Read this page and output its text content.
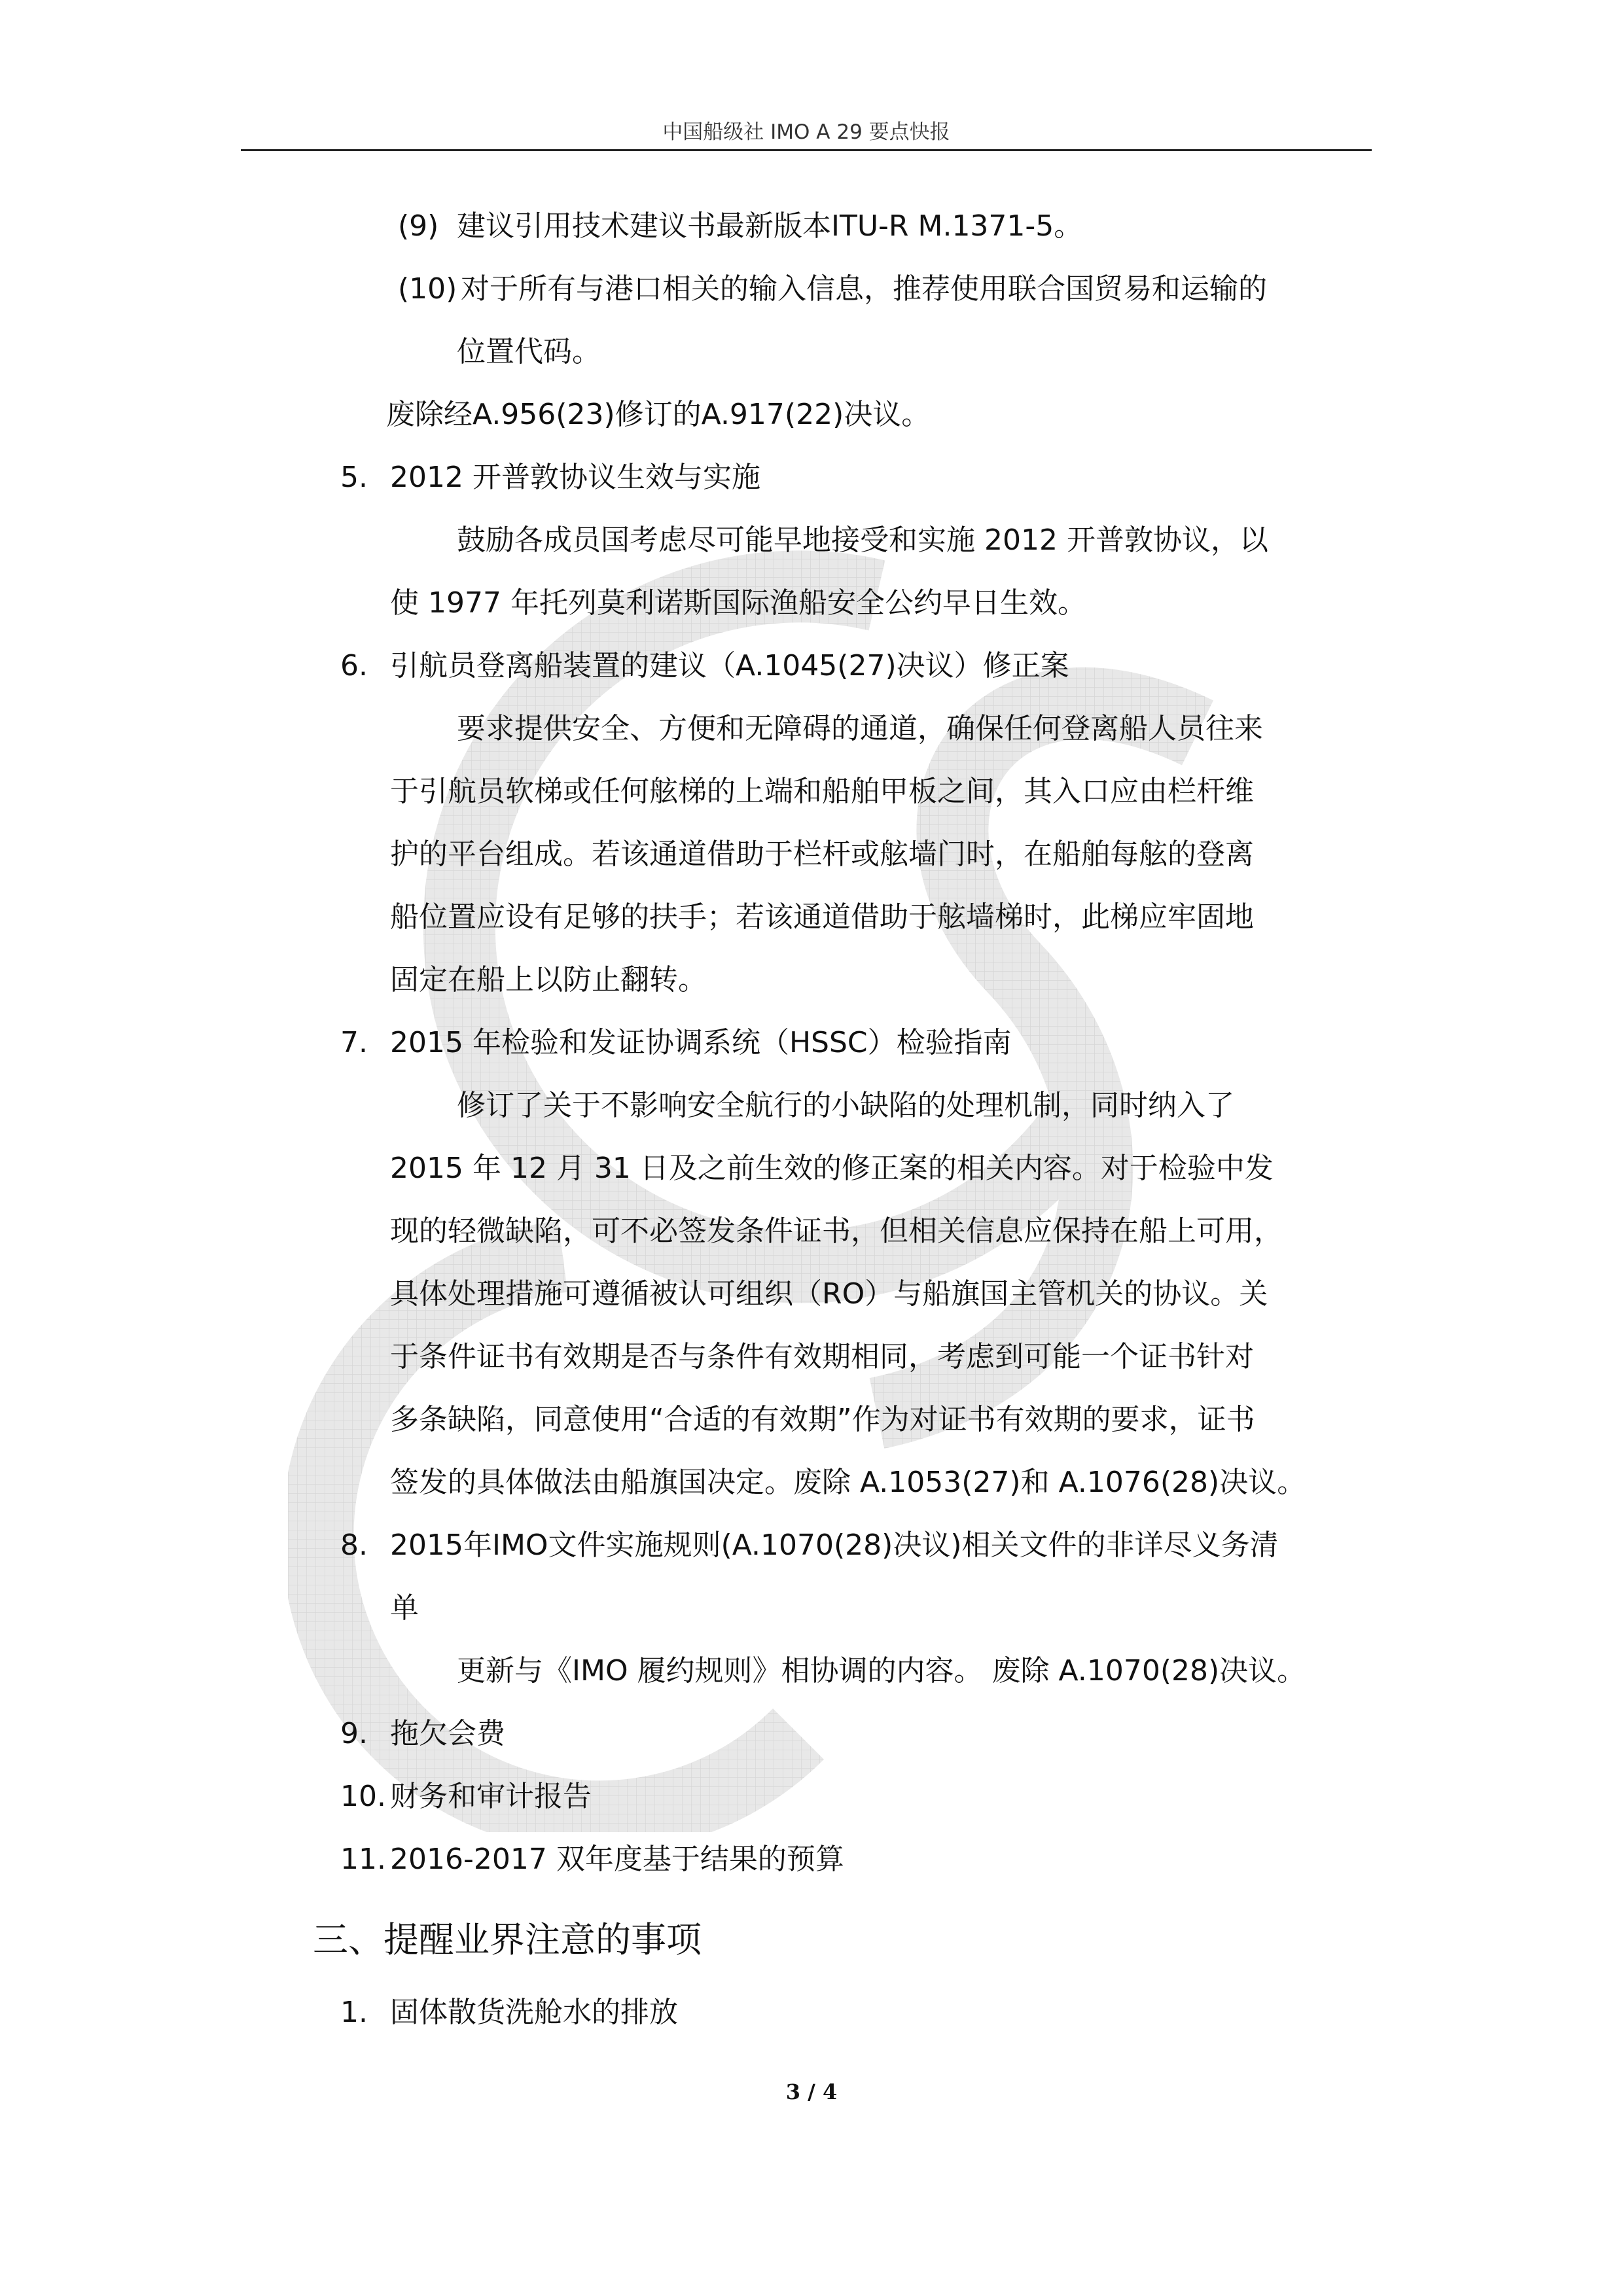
中国船级社 IMO A 29 要点快报
(9) 建议引用技术建议书最新版本ITU-R M.1371-5。
(10) 对于所有与港口相关的输入信息，推荐使用联合国贸易和运输的
位置代码。
废除经A.956(23)修订的A.917(22)决议。
5. 2012 开普敦协议生效与实施
鼓励各成员国考虑尽可能早地接受和实施 2012 开普敦协议，以
使 1977 年托列莫利诺斯国际渔船安全公约早日生效。
6. 引航员登离船装置的建议（A.1045(27)决议）修正案
要求提供安全、方便和无障碍的通道，确保任何登离船人员往来
于引航员软梯或任何舷梯的上端和船舶甲板之间，其入口应由栏杆维
护的平台组成。若该通道借助于栏杆或舷墙门时，在船舶每舷的登离
船位置应设有足够的扶手；若该通道借助于舷墙梯时，此梯应牢固地
固定在船上以防止翻转。
7. 2015 年检验和发证协调系统（HSSC）检验指南
修订了关于不影响安全航行的小缺陷的处理机制，同时纳入了
2015 年 12 月 31 日及之前生效的修正案的相关内容。对于检验中发
现的轻微缺陷，可不必签发条件证书，但相关信息应保持在船上可用，
具体处理措施可遵循被认可组织（RO）与船旗国主管机关的协议。关
于条件证书有效期是否与条件有效期相同，考虑到可能一个证书针对
多条缺陷，同意使用“合适的有效期”作为对证书有效期的要求，证书
签发的具体做法由船旗国决定。废除 A.1053(27)和 A.1076(28)决议。
8. 2015年IMO文件实施规则(A.1070(28)决议)相关文件的非详尽义务清
单
更新与《IMO 履约规则》相协调的内容。 废除 A.1070(28)决议。
9. 拖欠会费
10. 财务和审计报告
11. 2016-2017 双年度基于结果的预算
三、提醒业界注意的事项
1. 固体散货洗舱水的排放
3 / 4
